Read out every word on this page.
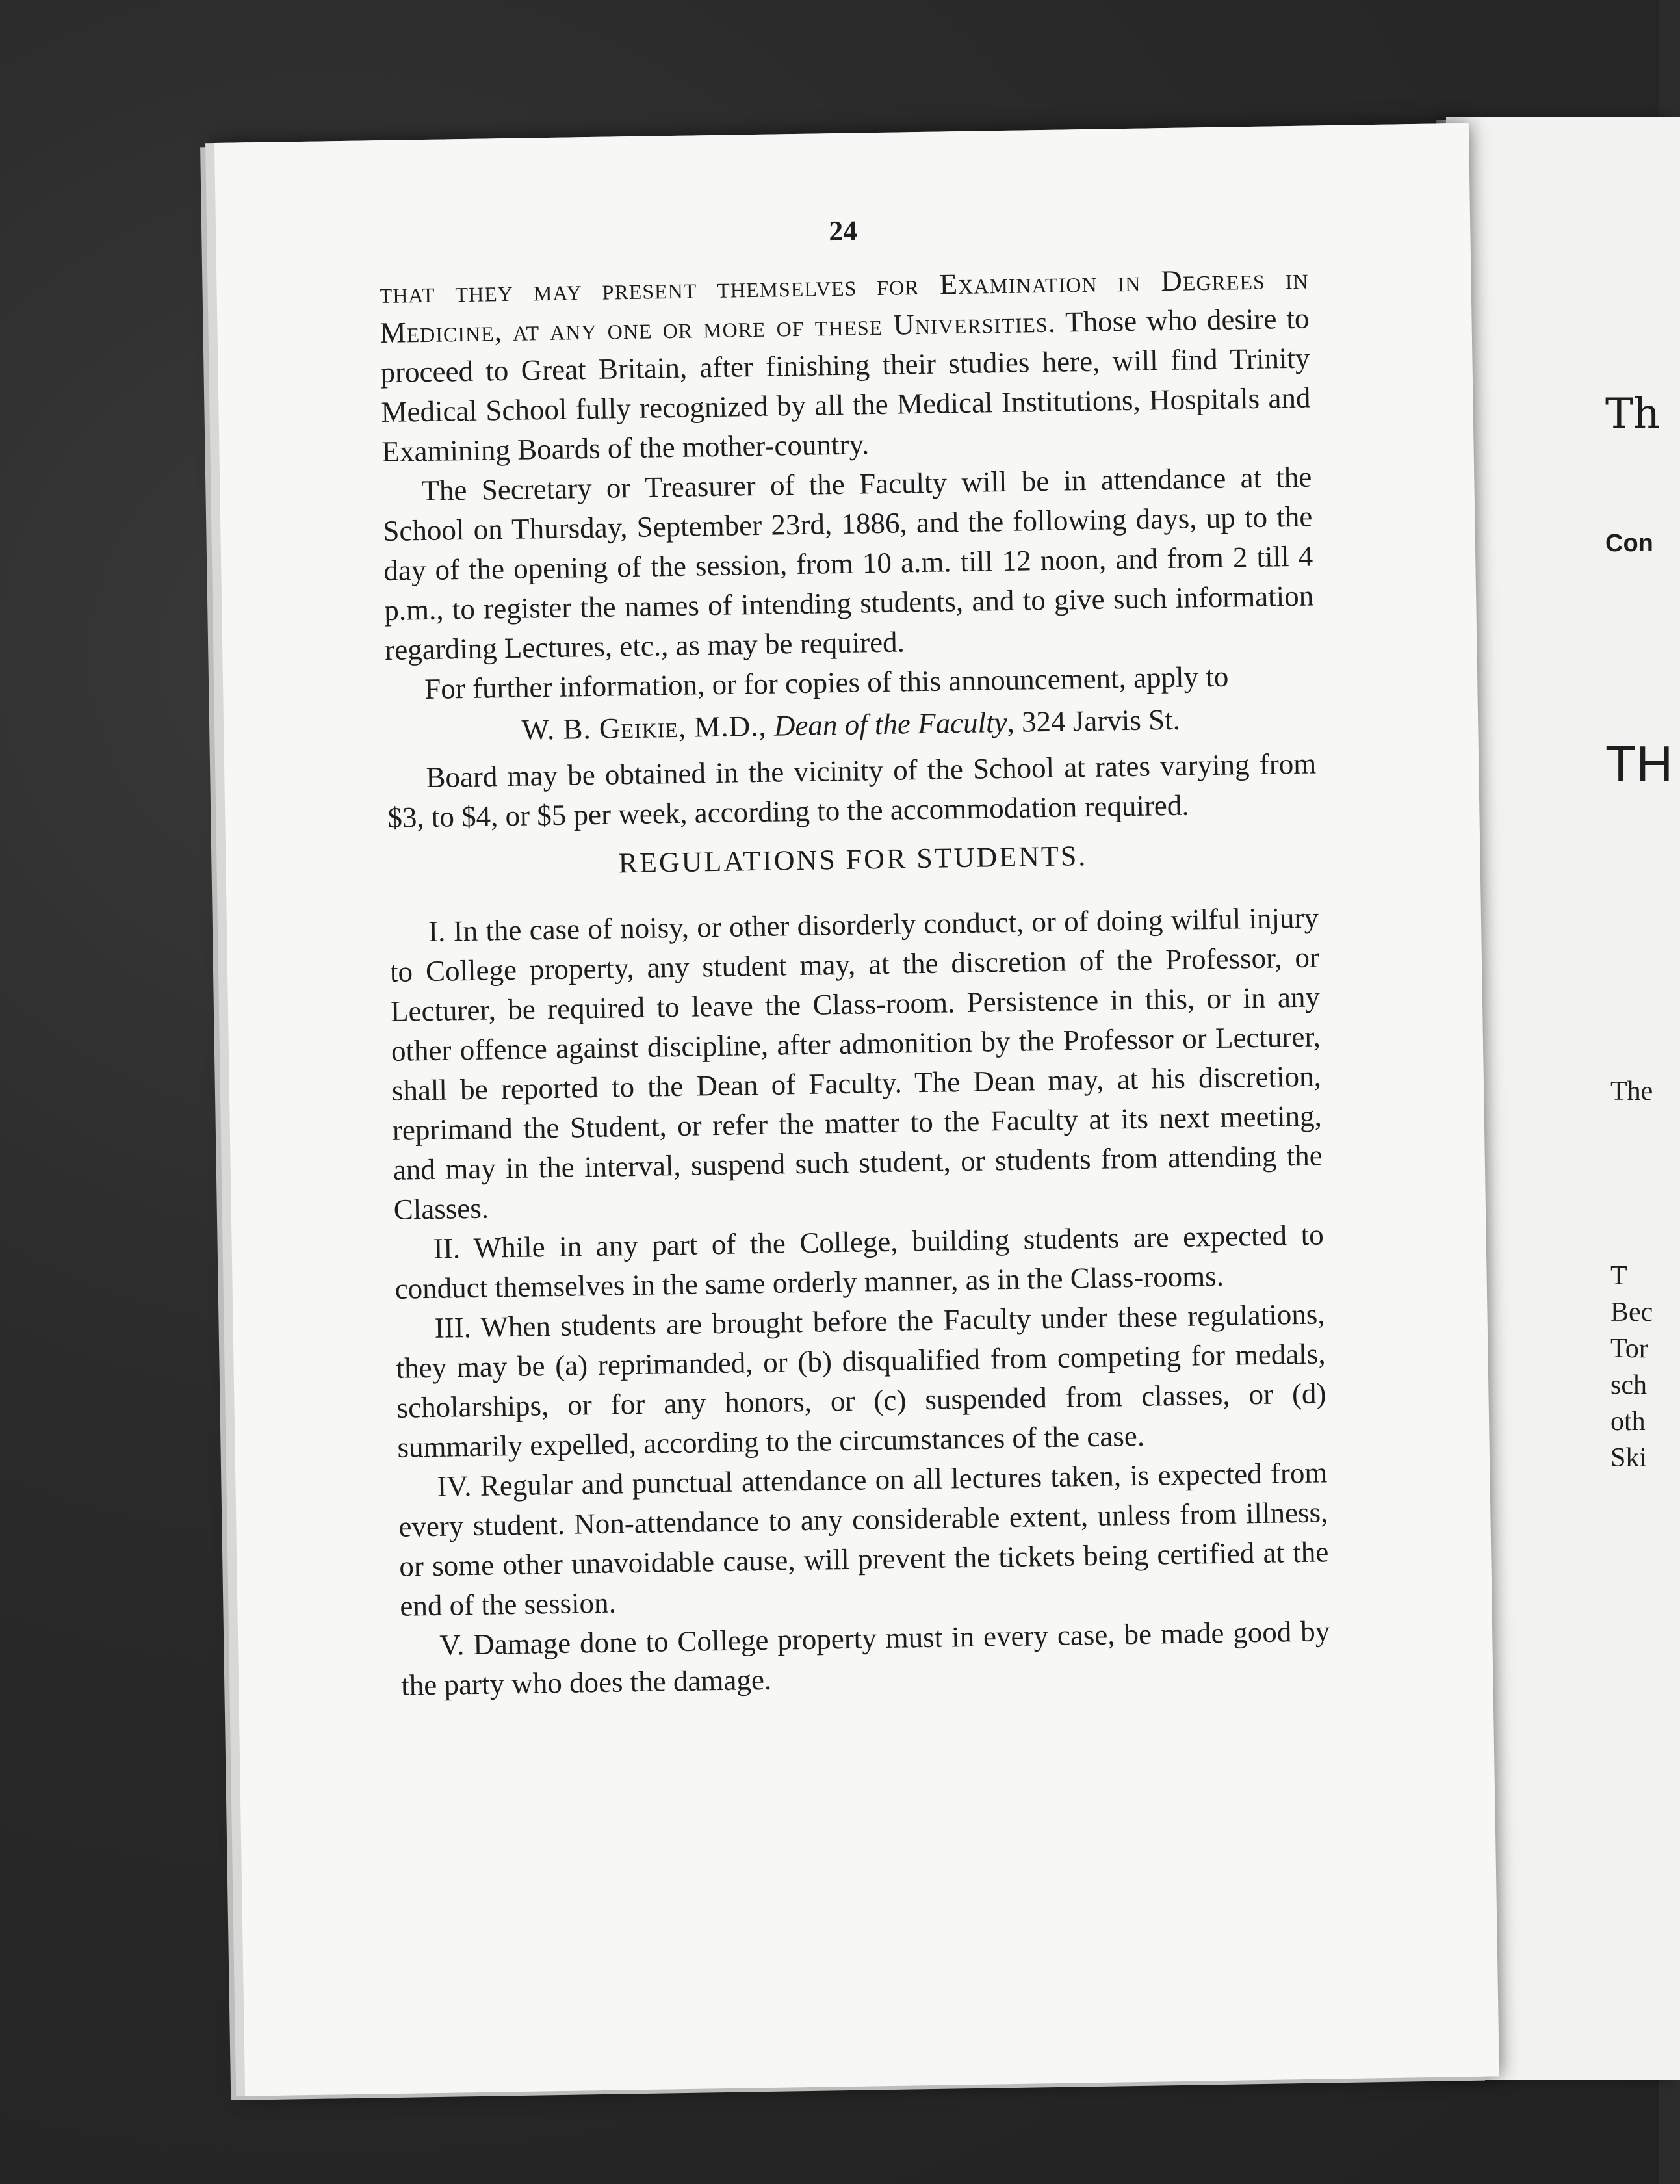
Th
Con
TH
The
T
Bec
Tor
sch
oth
Ski
24

that they may present themselves for Examination in Degrees in Medicine, at any one or more of these Universities. Those who desire to proceed to Great Britain, after finishing their studies here, will find Trinity Medical School fully recognized by all the Medical Institutions, Hospitals and Examining Boards of the mother-country.

The Secretary or Treasurer of the Faculty will be in attendance at the School on Thursday, September 23rd, 1886, and the following days, up to the day of the opening of the session, from 10 a.m. till 12 noon, and from 2 till 4 p.m., to register the names of intending students, and to give such information regarding Lectures, etc., as may be required.

For further information, or for copies of this announcement, apply to

W. B. Geikie, M.D., Dean of the Faculty, 324 Jarvis St.

Board may be obtained in the vicinity of the School at rates varying from $3, to $4, or $5 per week, according to the accommodation required.

REGULATIONS FOR STUDENTS.

I. In the case of noisy, or other disorderly conduct, or of doing wilful injury to College property, any student may, at the discretion of the Professor, or Lecturer, be required to leave the Class-room. Persistence in this, or in any other offence against discipline, after admonition by the Professor or Lecturer, shall be reported to the Dean of Faculty. The Dean may, at his discretion, reprimand the Student, or refer the matter to the Faculty at its next meeting, and may in the interval, suspend such student, or students from attending the Classes.

II. While in any part of the College, building students are expected to conduct themselves in the same orderly manner, as in the Class-rooms.

III. When students are brought before the Faculty under these regulations, they may be (a) reprimanded, or (b) disqualified from competing for medals, scholarships, or for any honors, or (c) suspended from classes, or (d) summarily expelled, according to the circumstances of the case.

IV. Regular and punctual attendance on all lectures taken, is expected from every student. Non-attendance to any considerable extent, unless from illness, or some other unavoidable cause, will prevent the tickets being certified at the end of the session.

V. Damage done to College property must in every case, be made good by the party who does the damage.
